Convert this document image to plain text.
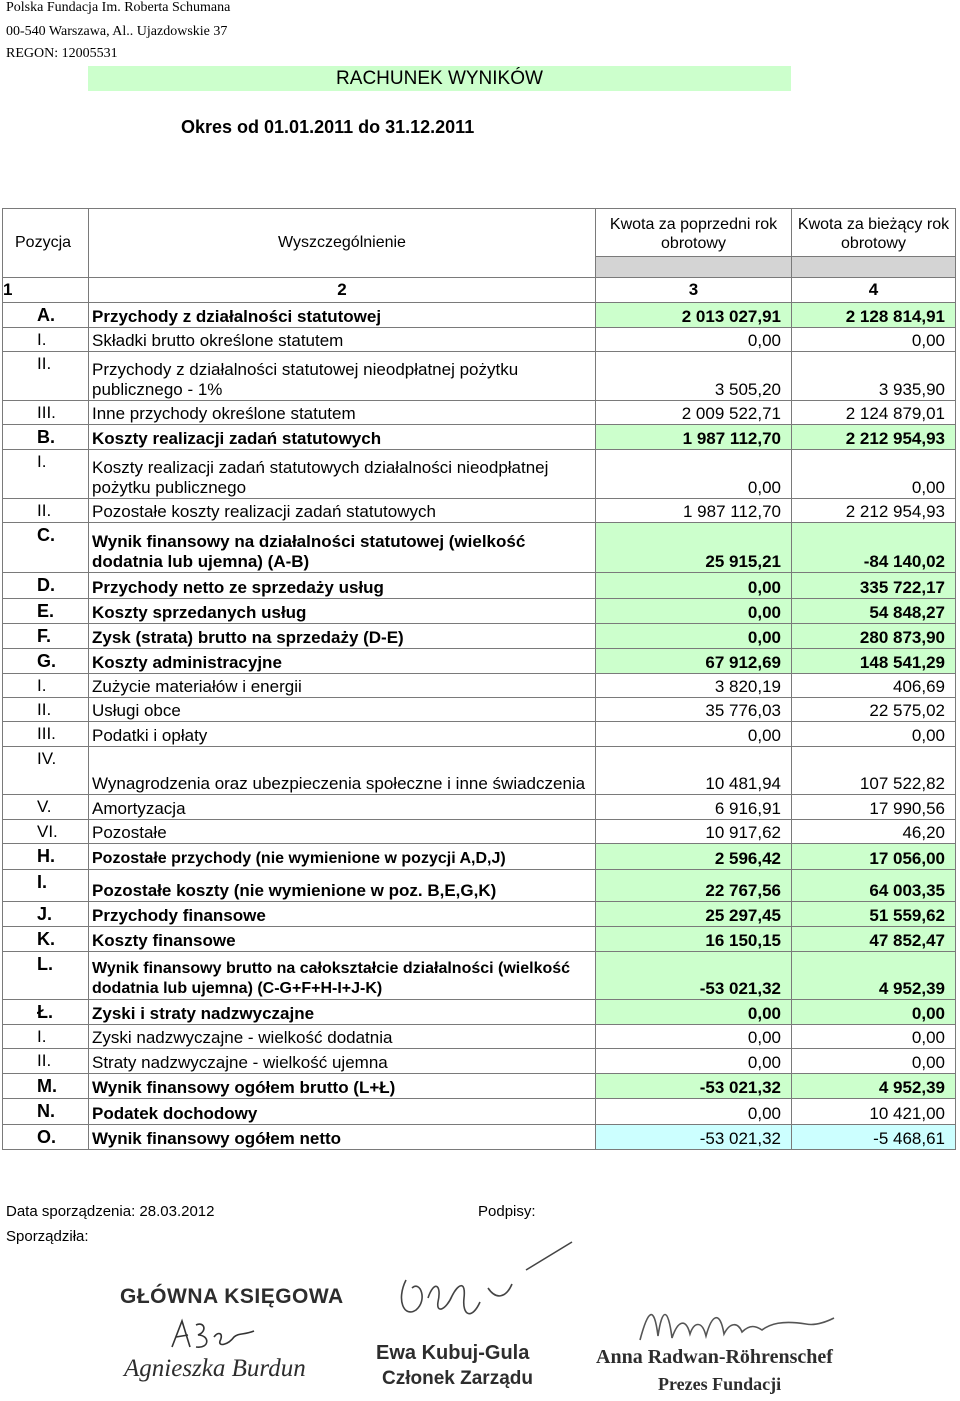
Polska Fundacja Im. Roberta Schumana
00-540 Warszawa, Al.. Ujazdowskie 37
REGON: 12005531
RACHUNEK WYNIKÓW
Okres od 01.01.2011 do 31.12.2011
Pozycja	Wyszczególnienie	Kwota za poprzedni rok obrotowy	Kwota za bieżący rok obrotowy

1	2	3	4
A.	Przychody z działalności statutowej	2 013 027,91	2 128 814,91
I.	Składki brutto określone statutem	0,00	0,00
II.	Przychody z działalności statutowej nieodpłatnej pożytku publicznego - 1%	3 505,20	3 935,90
III.	Inne przychody określone statutem	2 009 522,71	2 124 879,01
B.	Koszty realizacji zadań statutowych	1 987 112,70	2 212 954,93
I.	Koszty realizacji zadań statutowych działalności nieodpłatnej pożytku publicznego	0,00	0,00
II.	Pozostałe koszty realizacji zadań statutowych	1 987 112,70	2 212 954,93
C.	Wynik finansowy na działalności statutowej (wielkość dodatnia lub ujemna) (A-B)	25 915,21	-84 140,02
D.	Przychody netto ze sprzedaży usług	0,00	335 722,17
E.	Koszty sprzedanych usług	0,00	54 848,27
F.	Zysk (strata) brutto na sprzedaży (D-E)	0,00	280 873,90
G.	Koszty administracyjne	67 912,69	148 541,29
I.	Zużycie materiałów i energii	3 820,19	406,69
II.	Usługi obce	35 776,03	22 575,02
III.	Podatki i opłaty	0,00	0,00
IV.	Wynagrodzenia oraz ubezpieczenia społeczne i inne świadczenia	10 481,94	107 522,82
V.	Amortyzacja	6 916,91	17 990,56
VI.	Pozostałe	10 917,62	46,20
H.	Pozostałe przychody (nie wymienione w pozycji A,D,J)	2 596,42	17 056,00
I.	Pozostałe koszty (nie wymienione w poz. B,E,G,K)	22 767,56	64 003,35
J.	Przychody finansowe	25 297,45	51 559,62
K.	Koszty finansowe	16 150,15	47 852,47
L.	Wynik finansowy brutto na całokształcie działalności (wielkość dodatnia lub ujemna) (C-G+F+H-I+J-K)	-53 021,32	4 952,39
Ł.	Zyski i straty nadzwyczajne	0,00	0,00
I.	Zyski nadzwyczajne - wielkość dodatnia	0,00	0,00
II.	Straty nadzwyczajne - wielkość ujemna	0,00	0,00
M.	Wynik finansowy ogółem brutto (L+Ł)	-53 021,32	4 952,39
N.	Podatek dochodowy	0,00	10 421,00
O.	Wynik finansowy ogółem netto	-53 021,32	-5 468,61
Data sporządzenia: 28.03.2012	Podpisy:
Sporządziła:
GŁÓWNA KSIĘGOWA
Agnieszka Burdun
Ewa Kubuj-Gula
Członek Zarządu
Anna Radwan-Röhrenschef
Prezes Fundacji
